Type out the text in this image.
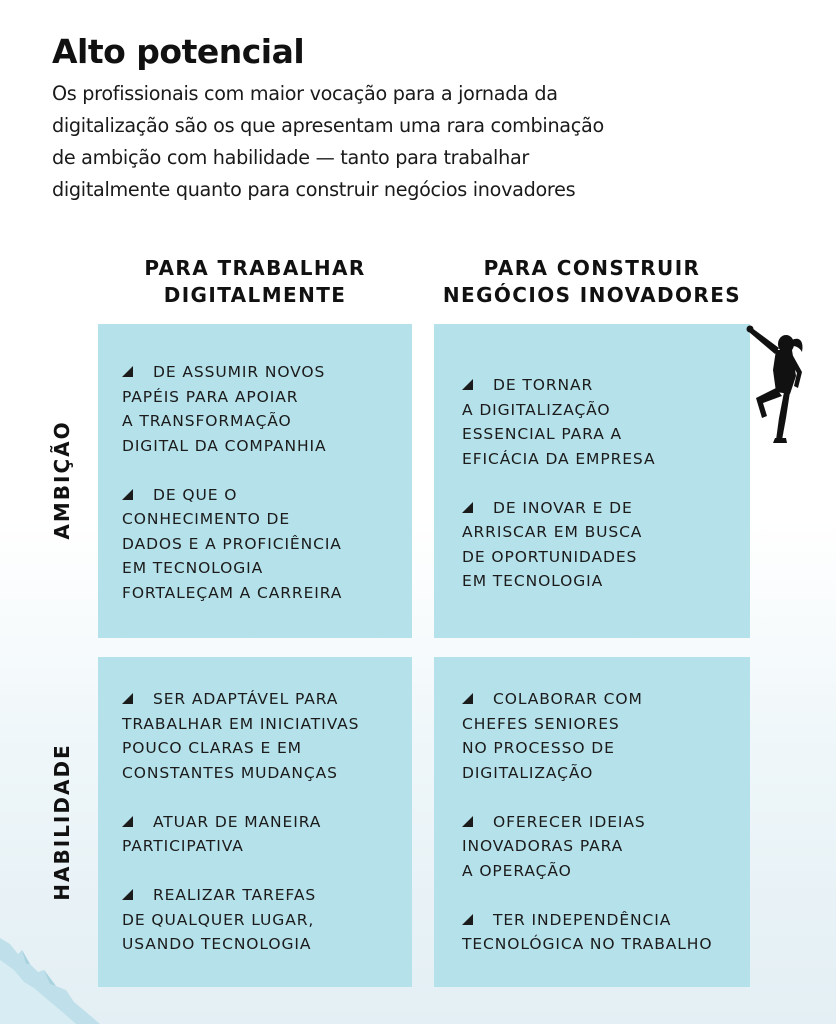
Alto potencial
Os profissionais com maior vocação para a jornada da
digitalização são os que apresentam uma rara combinação
de ambição com habilidade — tanto para trabalhar
digitalmente quanto para construir negócios inovadores
PARA TRABALHAR
DIGITALMENTE
PARA CONSTRUIR
NEGÓCIOS INOVADORES
AMBIÇÃO
HABILIDADE
DE ASSUMIR NOVOS
PAPÉIS PARA APOIAR
A TRANSFORMAÇÃO
DIGITAL DA COMPANHIA
DE QUE O
CONHECIMENTO DE
DADOS E A PROFICIÊNCIA
EM TECNOLOGIA
FORTALEÇAM A CARREIRA
DE TORNAR
A DIGITALIZAÇÃO
ESSENCIAL PARA A
EFICÁCIA DA EMPRESA
DE INOVAR E DE
ARRISCAR EM BUSCA
DE OPORTUNIDADES
EM TECNOLOGIA
SER ADAPTÁVEL PARA
TRABALHAR EM INICIATIVAS
POUCO CLARAS E EM
CONSTANTES MUDANÇAS
ATUAR DE MANEIRA
PARTICIPATIVA
REALIZAR TAREFAS
DE QUALQUER LUGAR,
USANDO TECNOLOGIA
COLABORAR COM
CHEFES SENIORES
NO PROCESSO DE
DIGITALIZAÇÃO
OFERECER IDEIAS
INOVADORAS PARA
A OPERAÇÃO
TER INDEPENDÊNCIA
TECNOLÓGICA NO TRABALHO
